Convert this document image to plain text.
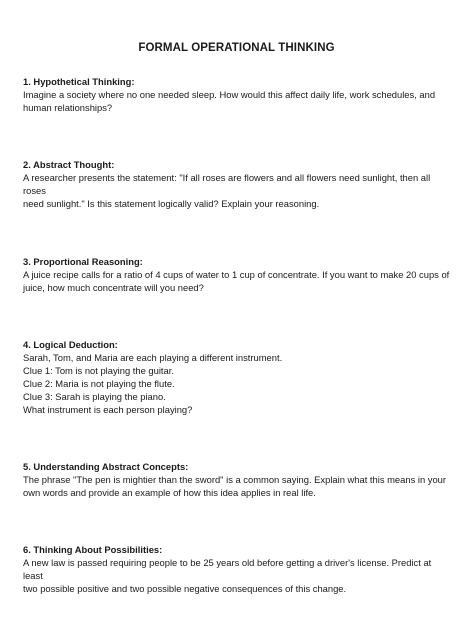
FORMAL OPERATIONAL THINKING
1. Hypothetical Thinking:
Imagine a society where no one needed sleep. How would this affect daily life, work schedules, and
human relationships?
2. Abstract Thought:
A researcher presents the statement: "If all roses are flowers and all flowers need sunlight, then all roses
need sunlight." Is this statement logically valid? Explain your reasoning.
3. Proportional Reasoning:
A juice recipe calls for a ratio of 4 cups of water to 1 cup of concentrate. If you want to make 20 cups of
juice, how much concentrate will you need?
4. Logical Deduction:
Sarah, Tom, and Maria are each playing a different instrument.
Clue 1: Tom is not playing the guitar.
Clue 2: Maria is not playing the flute.
Clue 3: Sarah is playing the piano.
What instrument is each person playing?
5. Understanding Abstract Concepts:
The phrase "The pen is mightier than the sword" is a common saying. Explain what this means in your
own words and provide an example of how this idea applies in real life.
6. Thinking About Possibilities:
A new law is passed requiring people to be 25 years old before getting a driver's license. Predict at least
two possible positive and two possible negative consequences of this change.
